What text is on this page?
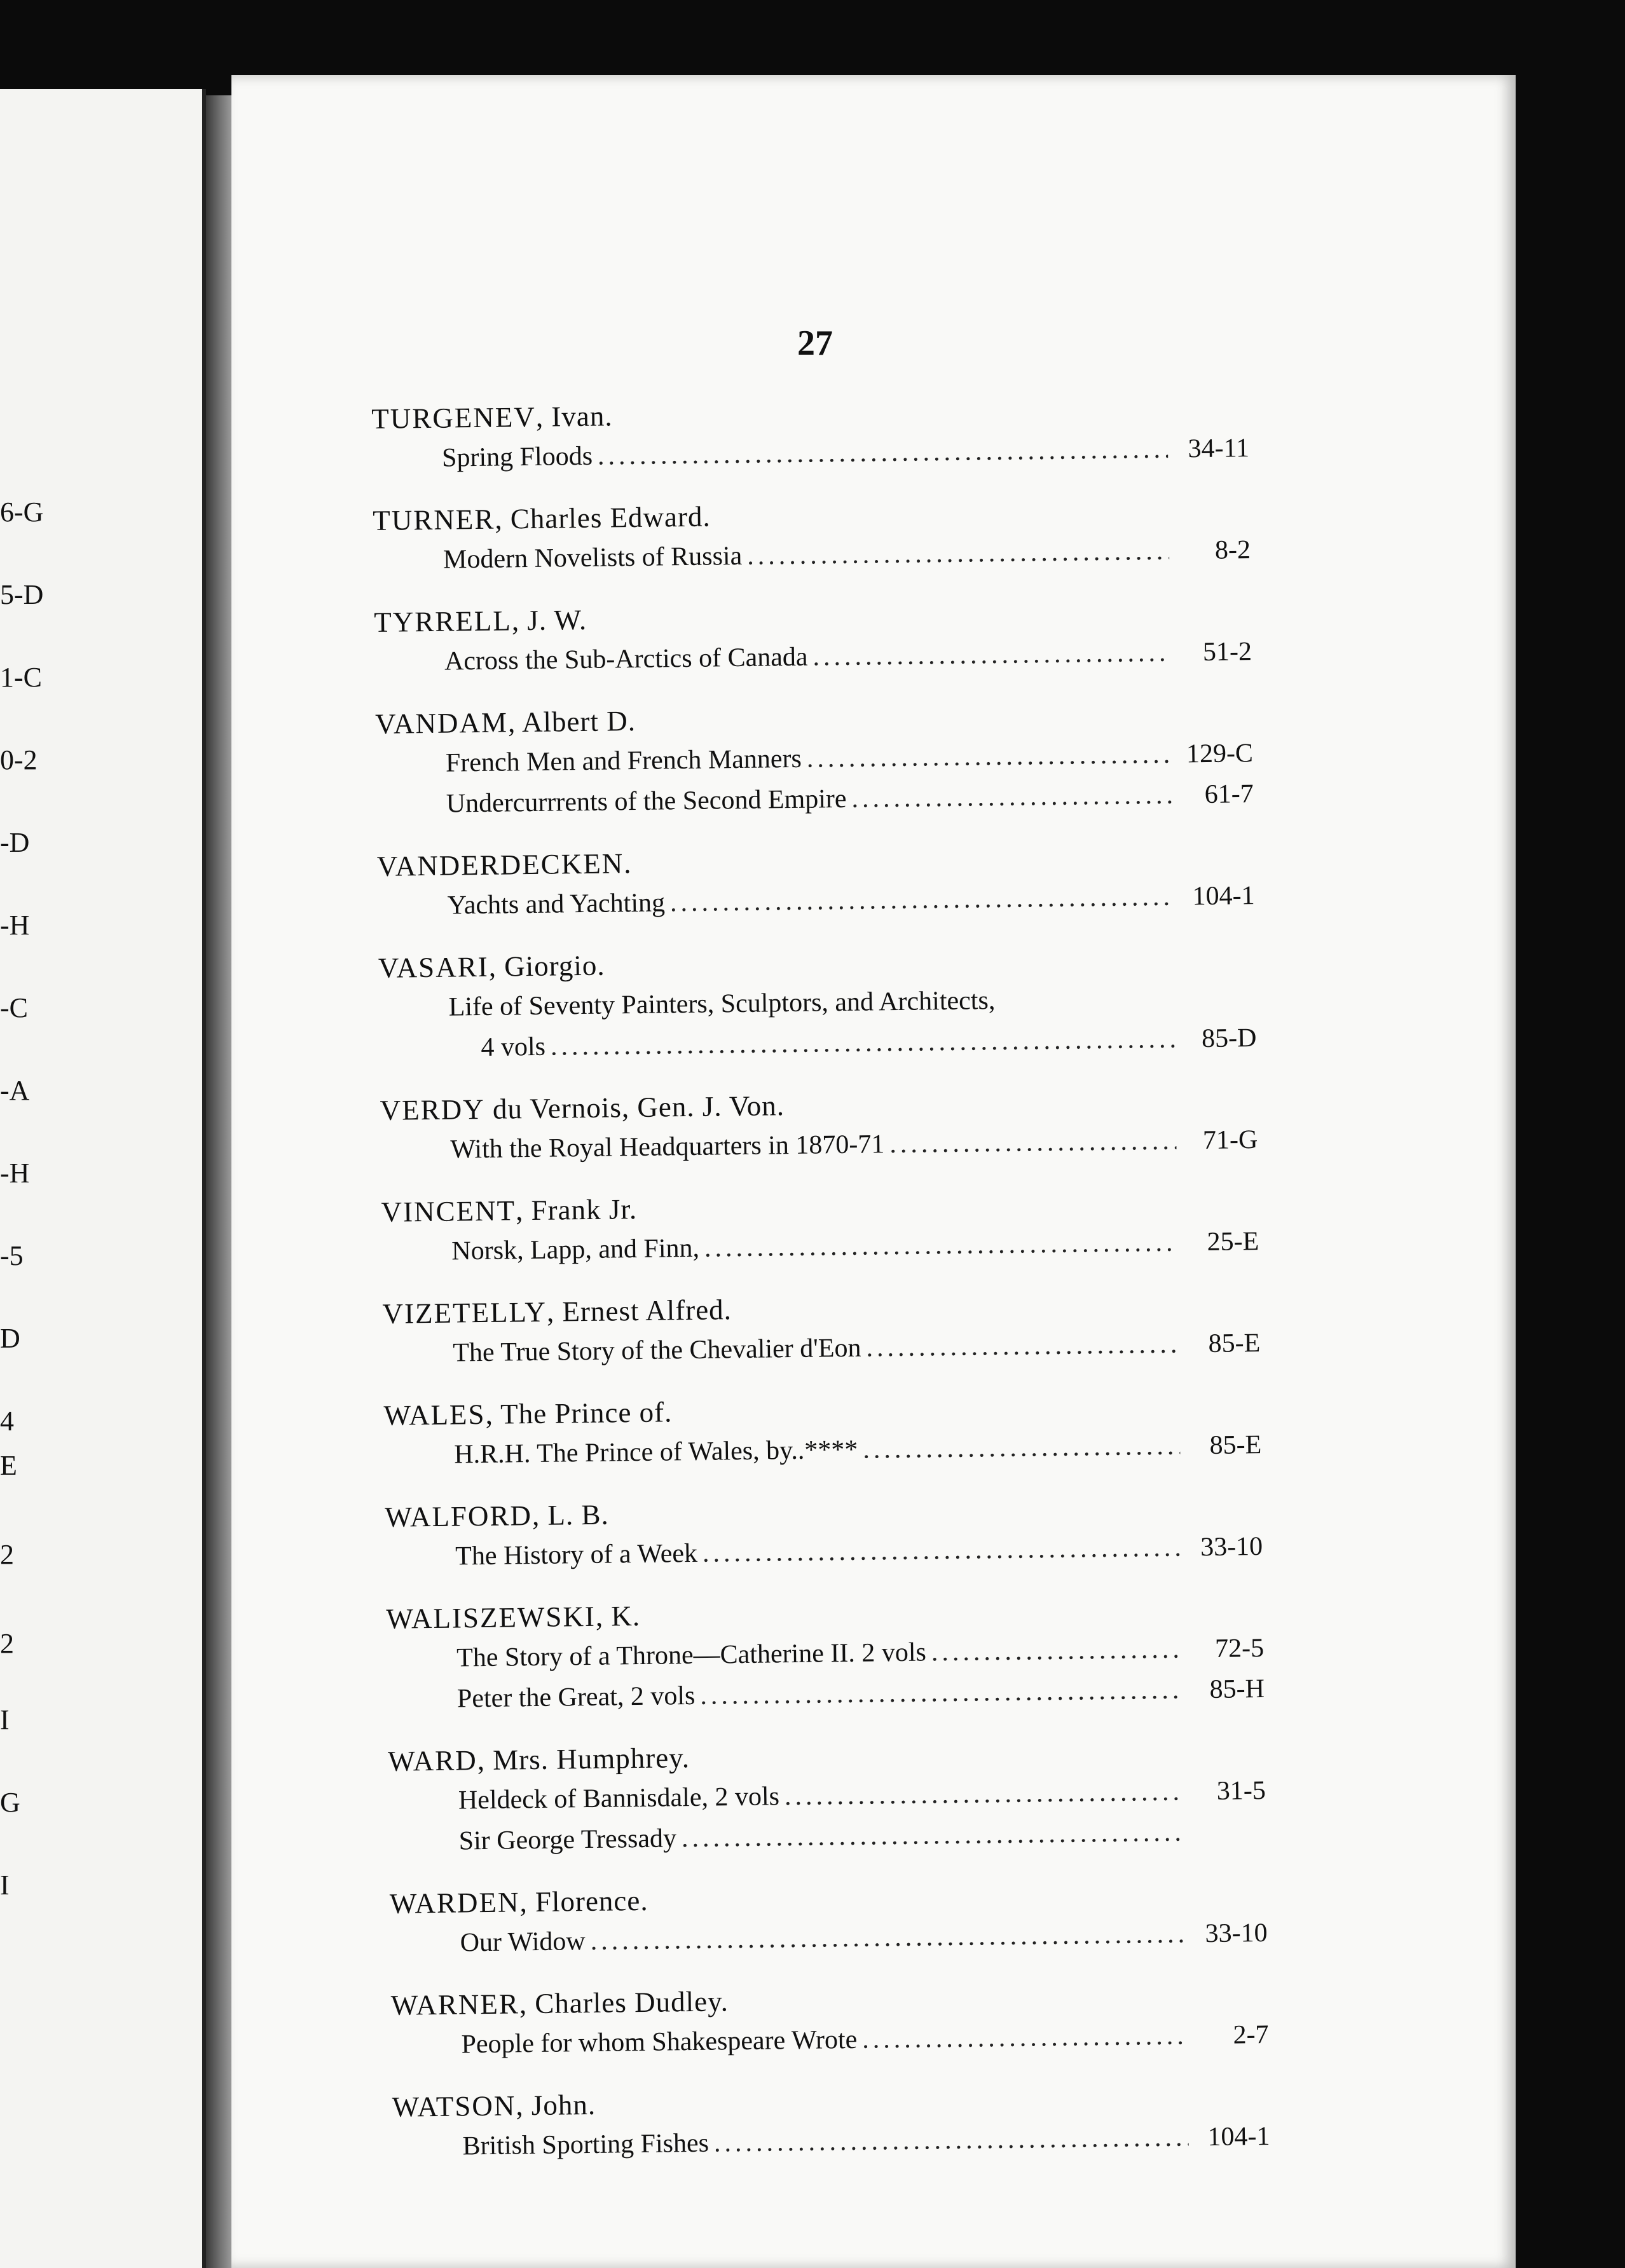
6-G
5-D
1-C
0-2
-D
-H
-C
-A
-H
-5
D
4
E
2
2
I
G
I
27
TURGENEV, Ivan.
Spring Floods .....	34-11
TURNER, Charles Edward.
Modern Novelists of Russia .....	8-2
TYRRELL, J. W.
Across the Sub-Arctics of Canada .....	51-2
VANDAM, Albert D.
French Men and French Manners .....	129-C
Undercurrrents of the Second Empire .....	61-7
VANDERDECKEN.
Yachts and Yachting .....	104-1
VASARI, Giorgio.
Life of Seventy Painters, Sculptors, and Architects,
4 vols .....	85-D
VERDY du Vernois, Gen. J. Von.
With the Royal Headquarters in 1870-71 .....	71-G
VINCENT, Frank Jr.
Norsk, Lapp, and Finn, .....	25-E
VIZETELLY, Ernest Alfred.
The True Story of the Chevalier d'Eon .....	85-E
WALES, The Prince of.
H.R.H. The Prince of Wales, by..**** .....	85-E
WALFORD, L. B.
The History of a Week .....	33-10
WALISZEWSKI, K.
The Story of a Throne—Catherine II. 2 vols .....	72-5
Peter the Great, 2 vols .....	85-H
WARD, Mrs. Humphrey.
Heldeck of Bannisdale, 2 vols .....	31-5
Sir George Tressady
.....
WARDEN, Florence.
Our Widow .....	33-10
WARNER, Charles Dudley.
People for whom Shakespeare Wrote .....	2-7
WATSON, John.
British Sporting Fishes .....	104-1
